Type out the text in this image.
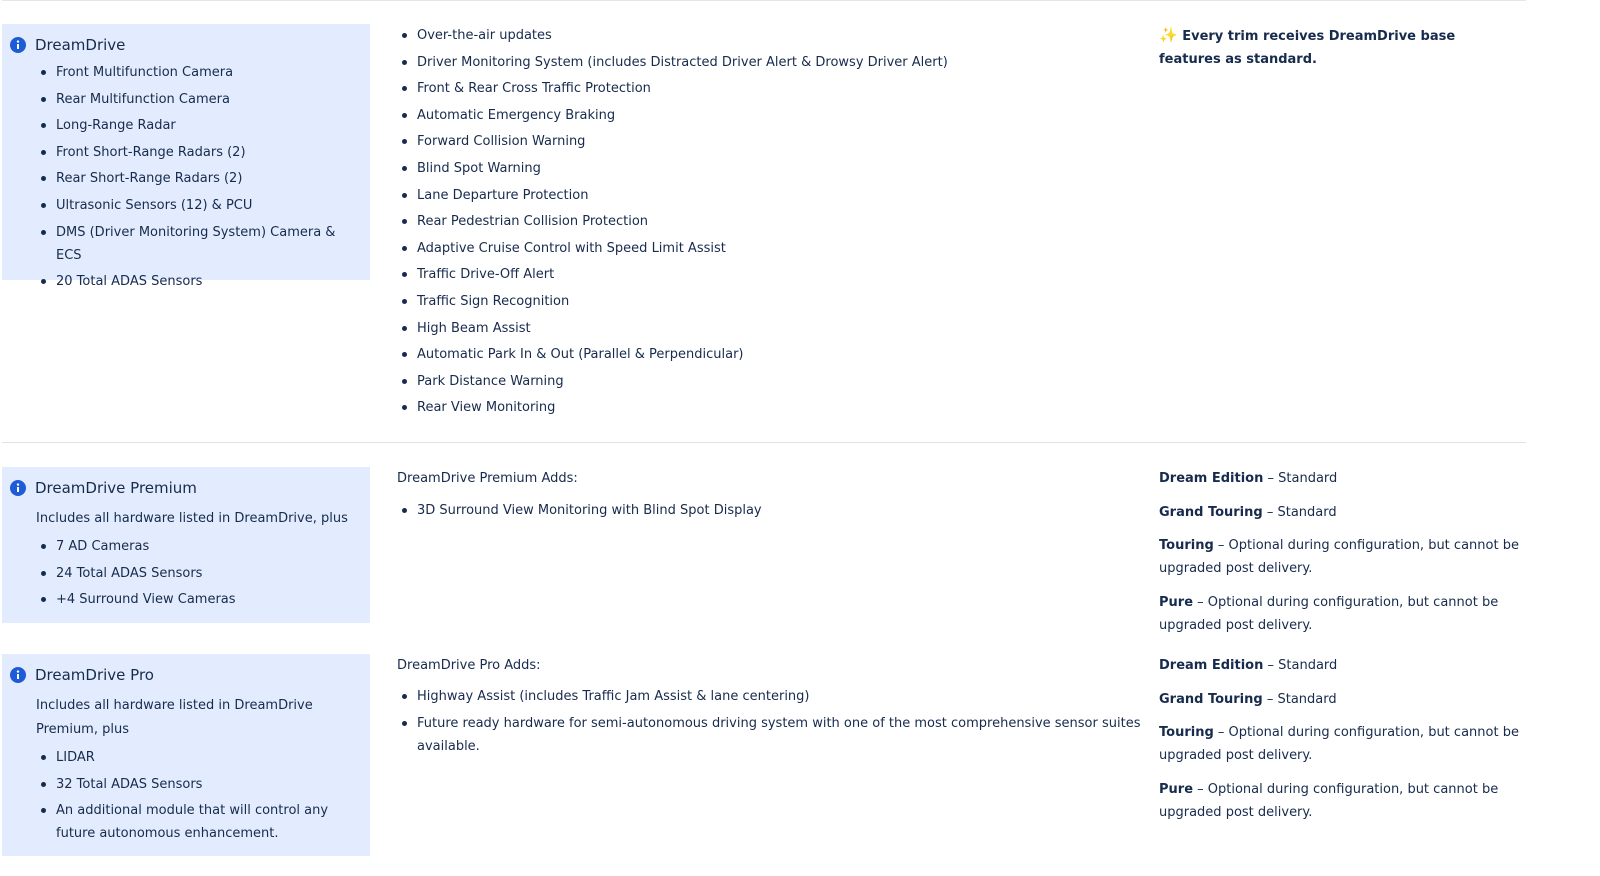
DreamDrive
Front Multifunction Camera
Rear Multifunction Camera
Long-Range Radar
Front Short-Range Radars (2)
Rear Short-Range Radars (2)
Ultrasonic Sensors (12) & PCU
DMS (Driver Monitoring System) Camera & ECS
20 Total ADAS Sensors
Over-the-air updates
Driver Monitoring System (includes Distracted Driver Alert & Drowsy Driver Alert)
Front & Rear Cross Traffic Protection
Automatic Emergency Braking
Forward Collision Warning
Blind Spot Warning
Lane Departure Protection
Rear Pedestrian Collision Protection
Adaptive Cruise Control with Speed Limit Assist
Traffic Drive-Off Alert
Traffic Sign Recognition
High Beam Assist
Automatic Park In & Out (Parallel & Perpendicular)
Park Distance Warning
Rear View Monitoring
✨ Every trim receives DreamDrive base features as standard.
DreamDrive Premium
Includes all hardware listed in DreamDrive, plus
7 AD Cameras
24 Total ADAS Sensors
+4 Surround View Cameras
DreamDrive Premium Adds:
3D Surround View Monitoring with Blind Spot Display
Dream Edition – Standard
Grand Touring – Standard
Touring – Optional during configuration, but cannot be upgraded post delivery.
Pure – Optional during configuration, but cannot be upgraded post delivery.
DreamDrive Pro
Includes all hardware listed in DreamDrive Premium, plus
LIDAR
32 Total ADAS Sensors
An additional module that will control any future autonomous enhancement.
DreamDrive Pro Adds:
Highway Assist (includes Traffic Jam Assist & lane centering)
Future ready hardware for semi-autonomous driving system with one of the most comprehensive sensor suites available.
Dream Edition – Standard
Grand Touring – Standard
Touring – Optional during configuration, but cannot be upgraded post delivery.
Pure – Optional during configuration, but cannot be upgraded post delivery.
